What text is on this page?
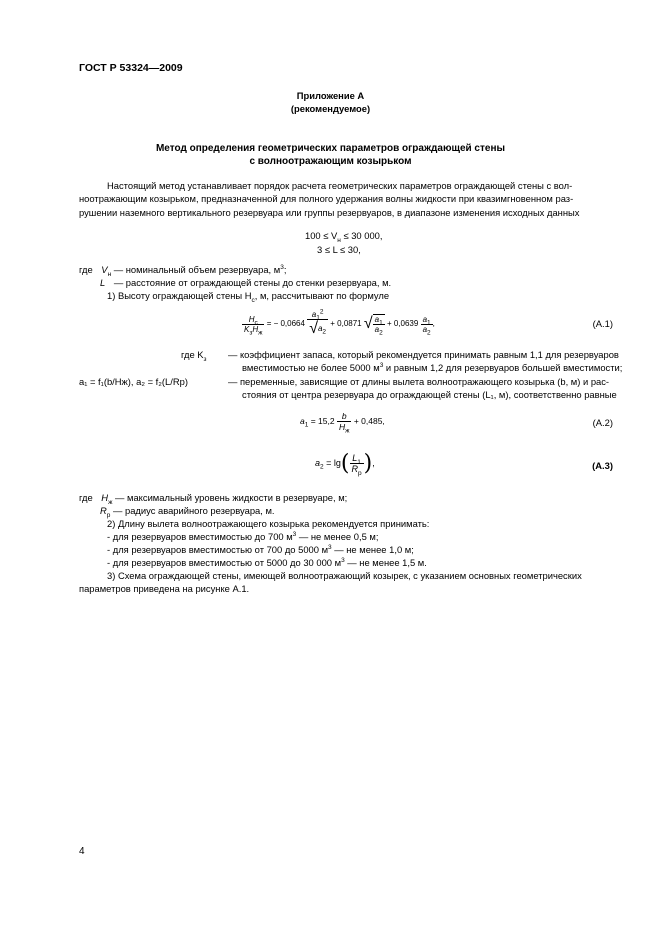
ГОСТ Р 53324—2009
Приложение А
(рекомендуемое)
Метод определения геометрических параметров ограждающей стены
с волноотражающим козырьком
Настоящий метод устанавливает порядок расчета геометрических параметров ограждающей стены с вол-
ноотражающим козырьком, предназначенной для полного удержания волны жидкости при квазимгновенном раз-
рушении наземного вертикального резервуара или группы резервуаров, в диапазоне изменения исходных данных
$100 \le V_н \le 30$ 000,
3 ≤ L ≤ 30,
где $V_н$ — номинальный объем резервуара, $м^3$;
L — расстояние от ограждающей стены до стенки резервуара, м.
1) Высоту ограждающей стены $H_с$, м, рассчитывают по формуле
$\frac{H_с}{K_зH_ж}$ = − $0,0664 \frac{a_1^2}{√a_2} + 0,0871$ √ $\frac{a_1}{a_2} + 0,0639 \frac{a_1}{a_2}$ ,	(А.1)
где $K_з$ — коэффициент запаса, который рекомендуется принимать равным 1,1 для резервуаров
вместимостью не более 5000 $м^3$ и равным 1,2 для резервуаров большей вместимости;
a₁ = f₁(b/Hж), a₂ = f₂(L/Rр)	— переменные, зависящие от длины вылета волноотражающего козырька (b, м) и рас-
стояния от центра резервуара до ограждающей стены (L₁, м), соответственно равные
$a_1 = 15,2 \frac{b}{H_ж} + 0,485$,	(А.2)
$a_2 = \lg( \frac{L_1}{R_р}$ ),	(А.3)
где $H_ж$ — максимальный уровень жидкости в резервуаре, м;
$R_р$ — радиус аварийного резервуара, м.
2) Длину вылета волноотражающего козырька рекомендуется принимать:
- для резервуаров вместимостью до 700 $м^3$ — не менее 0,5 м;
- для резервуаров вместимостью от 700 до 5000 $м^3$ — не менее 1,0 м;
- для резервуаров вместимостью от 5000 до 30 000 $м^3$ — не менее 1,5 м.
3) Схема ограждающей стены, имеющей волноотражающий козырек, с указанием основных геометрических
параметров приведена на рисунке А.1.
4
